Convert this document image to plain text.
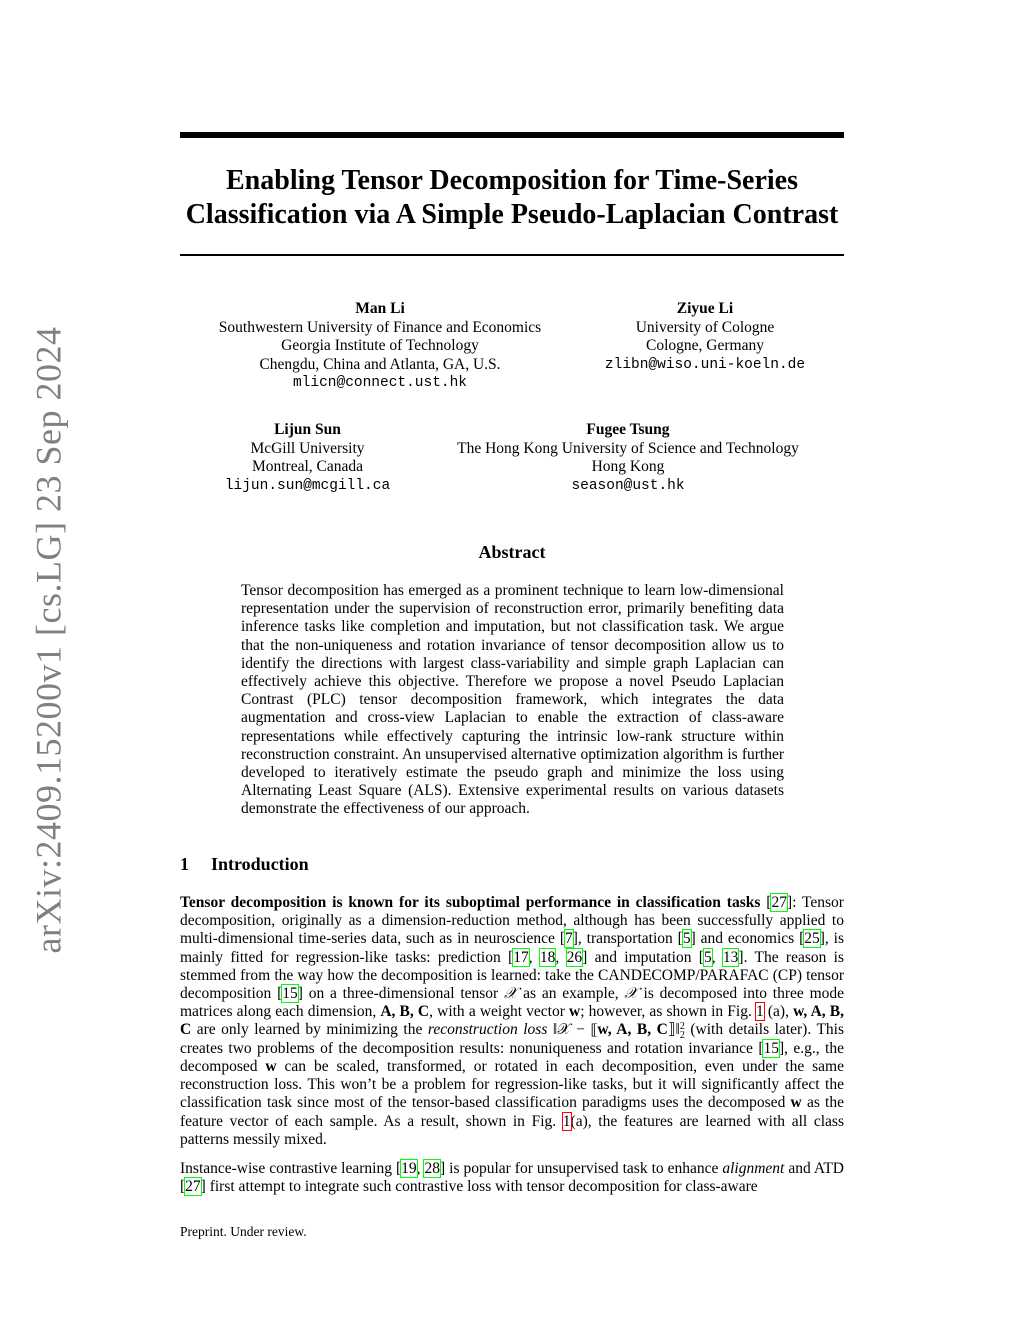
arXiv:2409.15200v1 [cs.LG] 23 Sep 2024
Enabling Tensor Decomposition for Time-Series
Classification via A Simple Pseudo-Laplacian Contrast
Man Li
Southwestern University of Finance and Economics
Georgia Institute of Technology
Chengdu, China and Atlanta, GA, U.S.
mlicn@connect.ust.hk
Ziyue Li
University of Cologne
Cologne, Germany
zlibn@wiso.uni-koeln.de
Lijun Sun
McGill University
Montreal, Canada
lijun.sun@mcgill.ca
Fugee Tsung
The Hong Kong University of Science and Technology
Hong Kong
season@ust.hk
Abstract
Tensor decomposition has emerged as a prominent technique to learn low-dimensional representation under the supervision of reconstruction error, primarily benefiting data inference tasks like completion and imputation, but not classification task. We argue that the non-uniqueness and rotation invariance of tensor decomposition allow us to identify the directions with largest class-variability and simple graph Laplacian can effectively achieve this objective. Therefore we propose a novel Pseudo Laplacian Contrast (PLC) tensor decomposition framework, which integrates the data augmentation and cross-view Laplacian to enable the extraction of class-aware representations while effectively capturing the intrinsic low-rank structure within reconstruction constraint. An unsupervised alternative optimization algorithm is further developed to iteratively estimate the pseudo graph and minimize the loss using Alternating Least Square (ALS). Extensive experimental results on various datasets demonstrate the effectiveness of our approach.
1 Introduction
Tensor decomposition is known for its suboptimal performance in classification tasks [27]: Tensor decomposition, originally as a dimension-reduction method, although has been successfully applied to multi-dimensional time-series data, such as in neuroscience [7], transportation [5] and economics [25], is mainly fitted for regression-like tasks: prediction [17, 18, 26] and imputation [5, 13]. The reason is stemmed from the way how the decomposition is learned: take the CANDECOMP/PARAFAC (CP) tensor decomposition [15] on a three-dimensional tensor 𝒳 as an example, 𝒳 is decomposed into three mode matrices along each dimension, A, B, C, with a weight vector w; however, as shown in Fig. 1 (a), w, A, B, C are only learned by minimizing the reconstruction loss ‖𝒳 − ⟦w, A, B, C⟧‖ 2
2 (with details later). This creates two problems of the decomposition results: nonuniqueness and rotation invariance [15], e.g., the decomposed w can be scaled, transformed, or rotated in each decomposition, even under the same reconstruction loss. This won’t be a problem for regression-like tasks, but it will significantly affect the classification task since most of the tensor-based classification paradigms uses the decomposed w as the feature vector of each sample. As a result, shown in Fig. 1(a), the features are learned with all class patterns messily mixed.
Instance-wise contrastive learning [19, 28] is popular for unsupervised task to enhance alignment and ATD [27] first attempt to integrate such contrastive loss with tensor decomposition for class-aware
Preprint. Under review.
